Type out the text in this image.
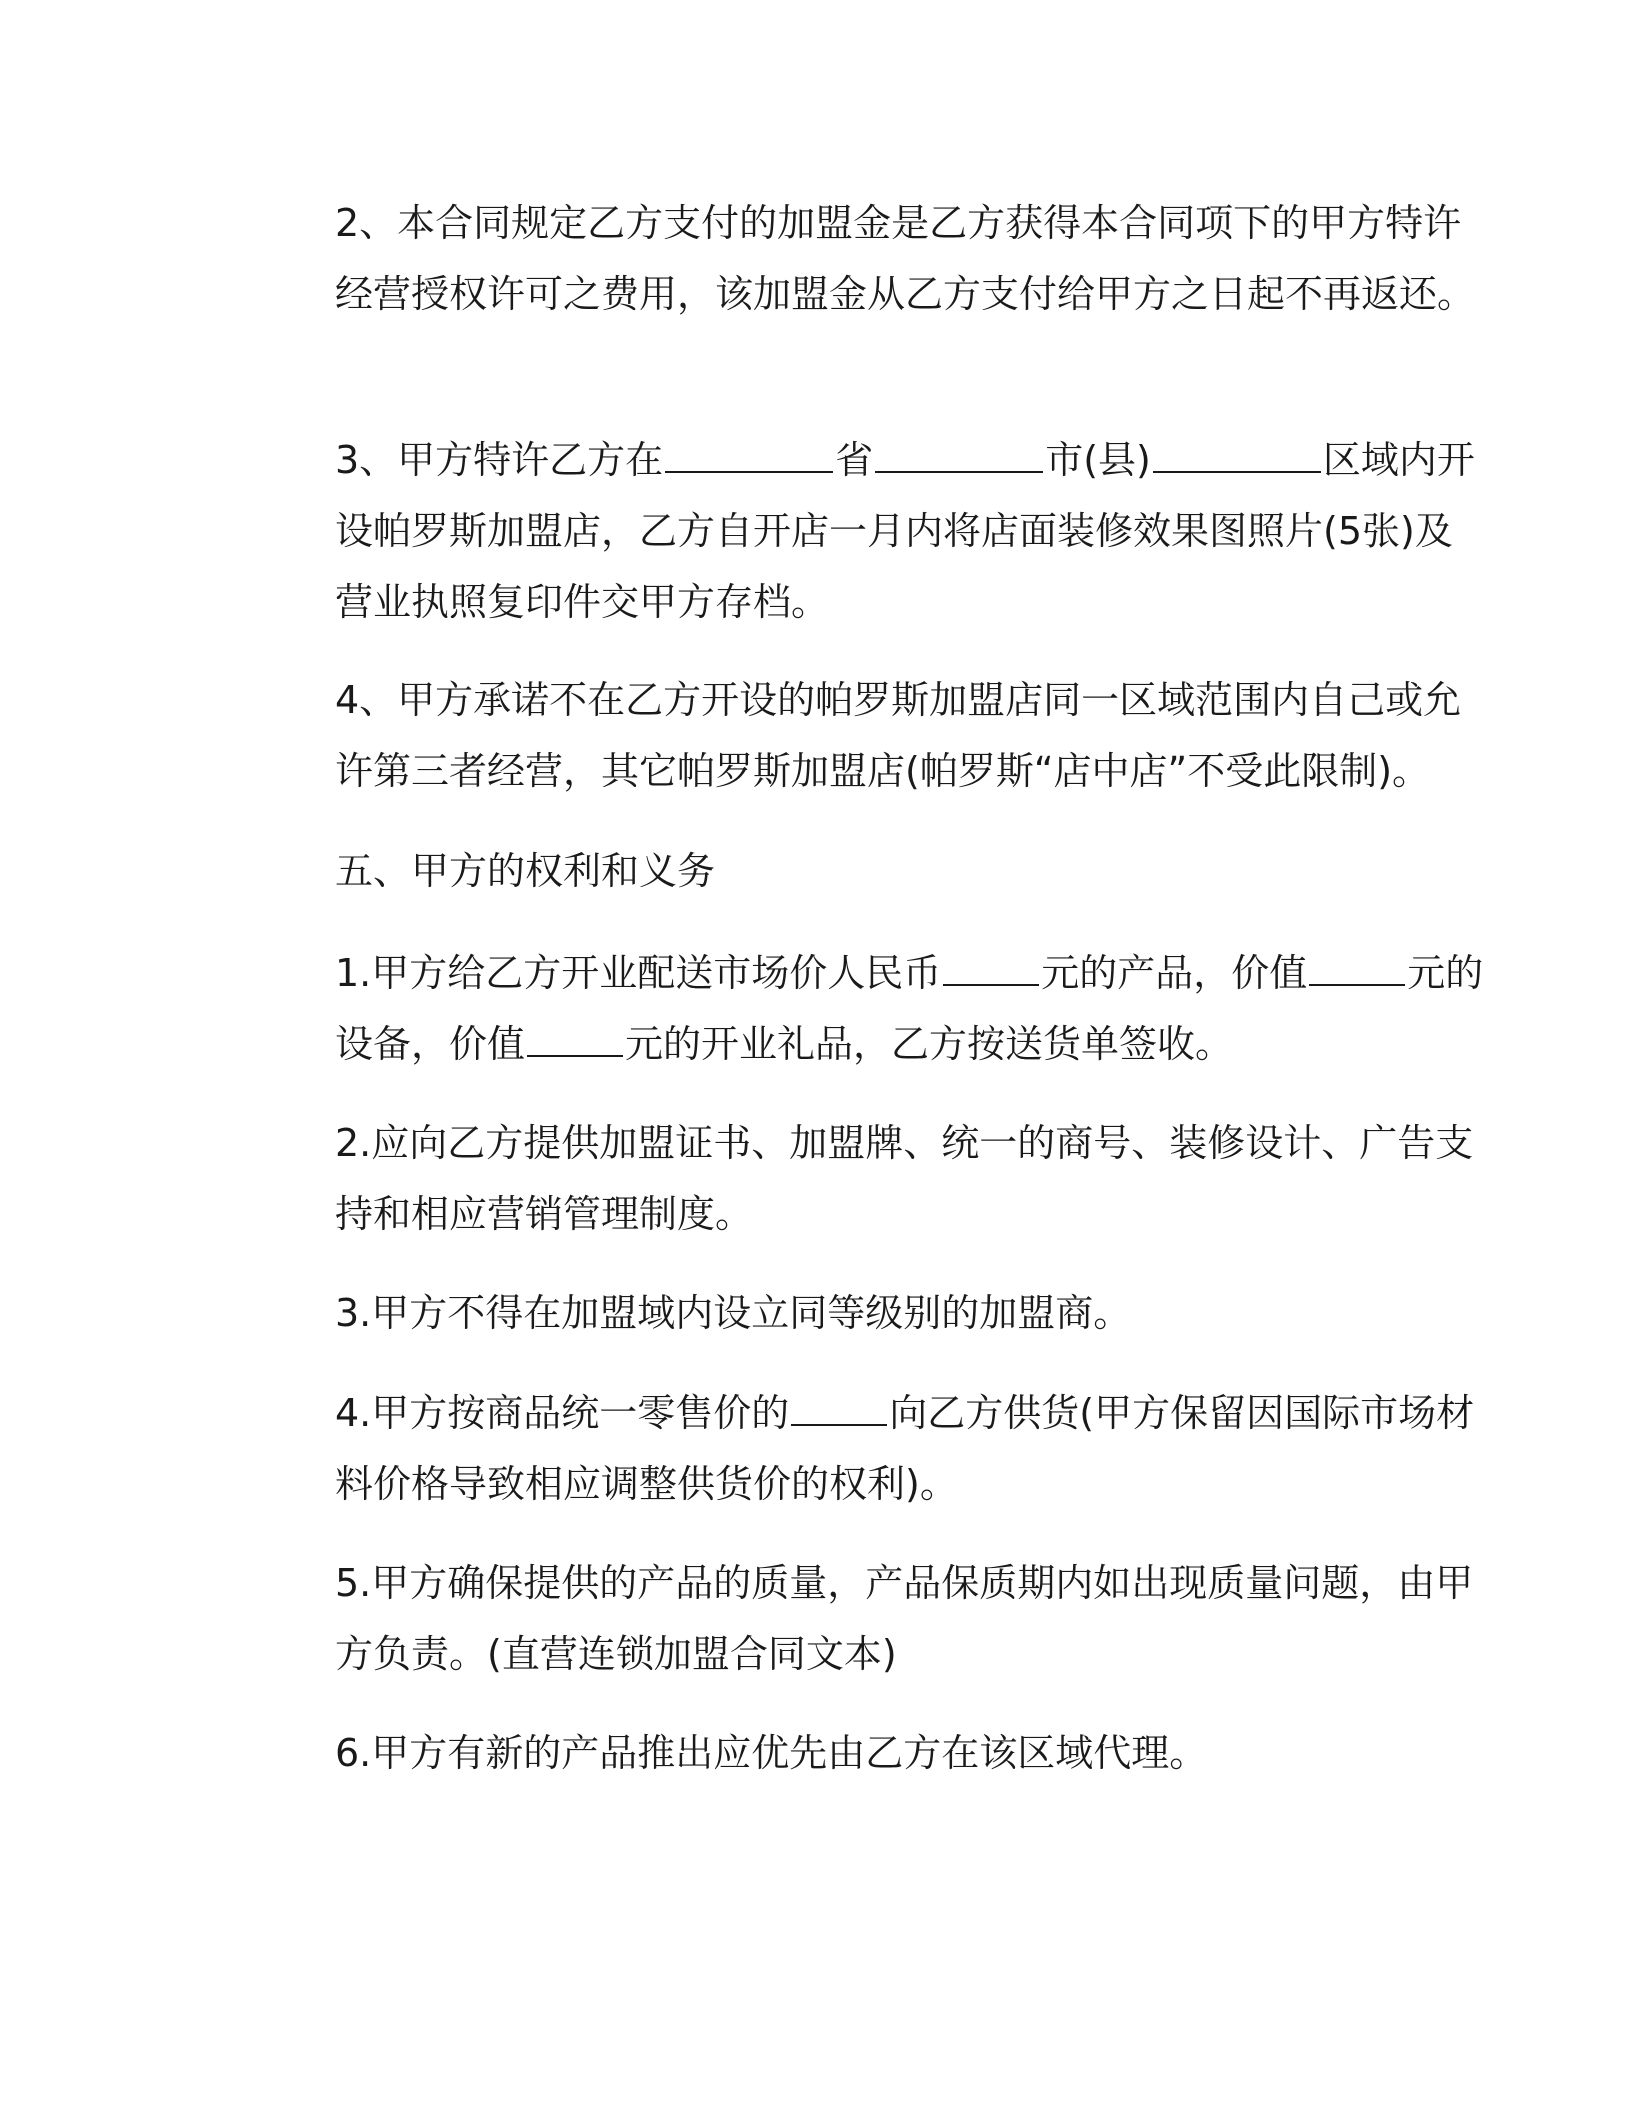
2、本合同规定乙方支付的加盟金是乙方获得本合同项下的甲方特许经营授权许可之费用，该加盟金从乙方支付给甲方之日起不再返还。

3、甲方特许乙方在	省	市(县)	区域内开设帕罗斯加盟店，乙方自开店一月内将店面装修效果图照片(5张)及营业执照复印件交甲方存档。

4、甲方承诺不在乙方开设的帕罗斯加盟店同一区域范围内自己或允许第三者经营，其它帕罗斯加盟店(帕罗斯“店中店”不受此限制)。

五、甲方的权利和义务

1.甲方给乙方开业配送市场价人民币	元的产品，价值	元的设备，价值	元的开业礼品，乙方按送货单签收。

2.应向乙方提供加盟证书、加盟牌、统一的商号、装修设计、广告支持和相应营销管理制度。

3.甲方不得在加盟域内设立同等级别的加盟商。

4.甲方按商品统一零售价的	向乙方供货(甲方保留因国际市场材料价格导致相应调整供货价的权利)。

5.甲方确保提供的产品的质量，产品保质期内如出现质量问题，由甲方负责。(直营连锁加盟合同文本)

6.甲方有新的产品推出应优先由乙方在该区域代理。
